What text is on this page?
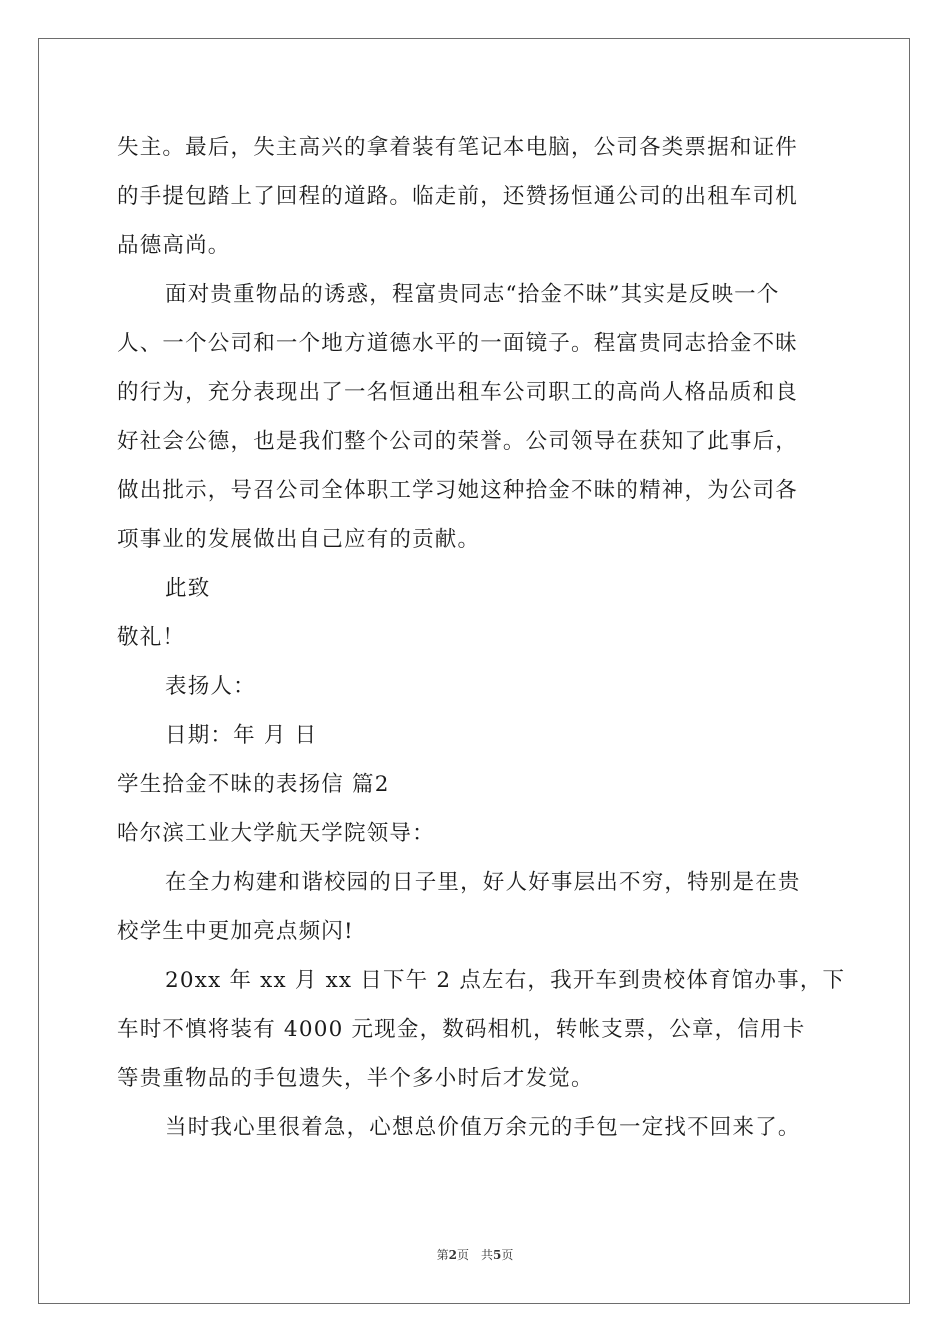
失主。最后，失主高兴的拿着装有笔记本电脑，公司各类票据和证件
的手提包踏上了回程的道路。临走前，还赞扬恒通公司的出租车司机
品德高尚。
面对贵重物品的诱惑，程富贵同志“拾金不昧”其实是反映一个
人、一个公司和一个地方道德水平的一面镜子。程富贵同志拾金不昧
的行为，充分表现出了一名恒通出租车公司职工的高尚人格品质和良
好社会公德，也是我们整个公司的荣誉。公司领导在获知了此事后，
做出批示，号召公司全体职工学习她这种拾金不昧的精神，为公司各
项事业的发展做出自己应有的贡献。
此致
敬礼！
表扬人：
日期：年 月 日
学生拾金不昧的表扬信 篇2
哈尔滨工业大学航天学院领导：
在全力构建和谐校园的日子里，好人好事层出不穷，特别是在贵
校学生中更加亮点频闪!
20xx 年 xx 月 xx 日下午 2 点左右，我开车到贵校体育馆办事，下
车时不慎将装有 4000 元现金，数码相机，转帐支票，公章，信用卡
等贵重物品的手包遗失，半个多小时后才发觉。
当时我心里很着急，心想总价值万余元的手包一定找不回来了。
第2页　共5页
